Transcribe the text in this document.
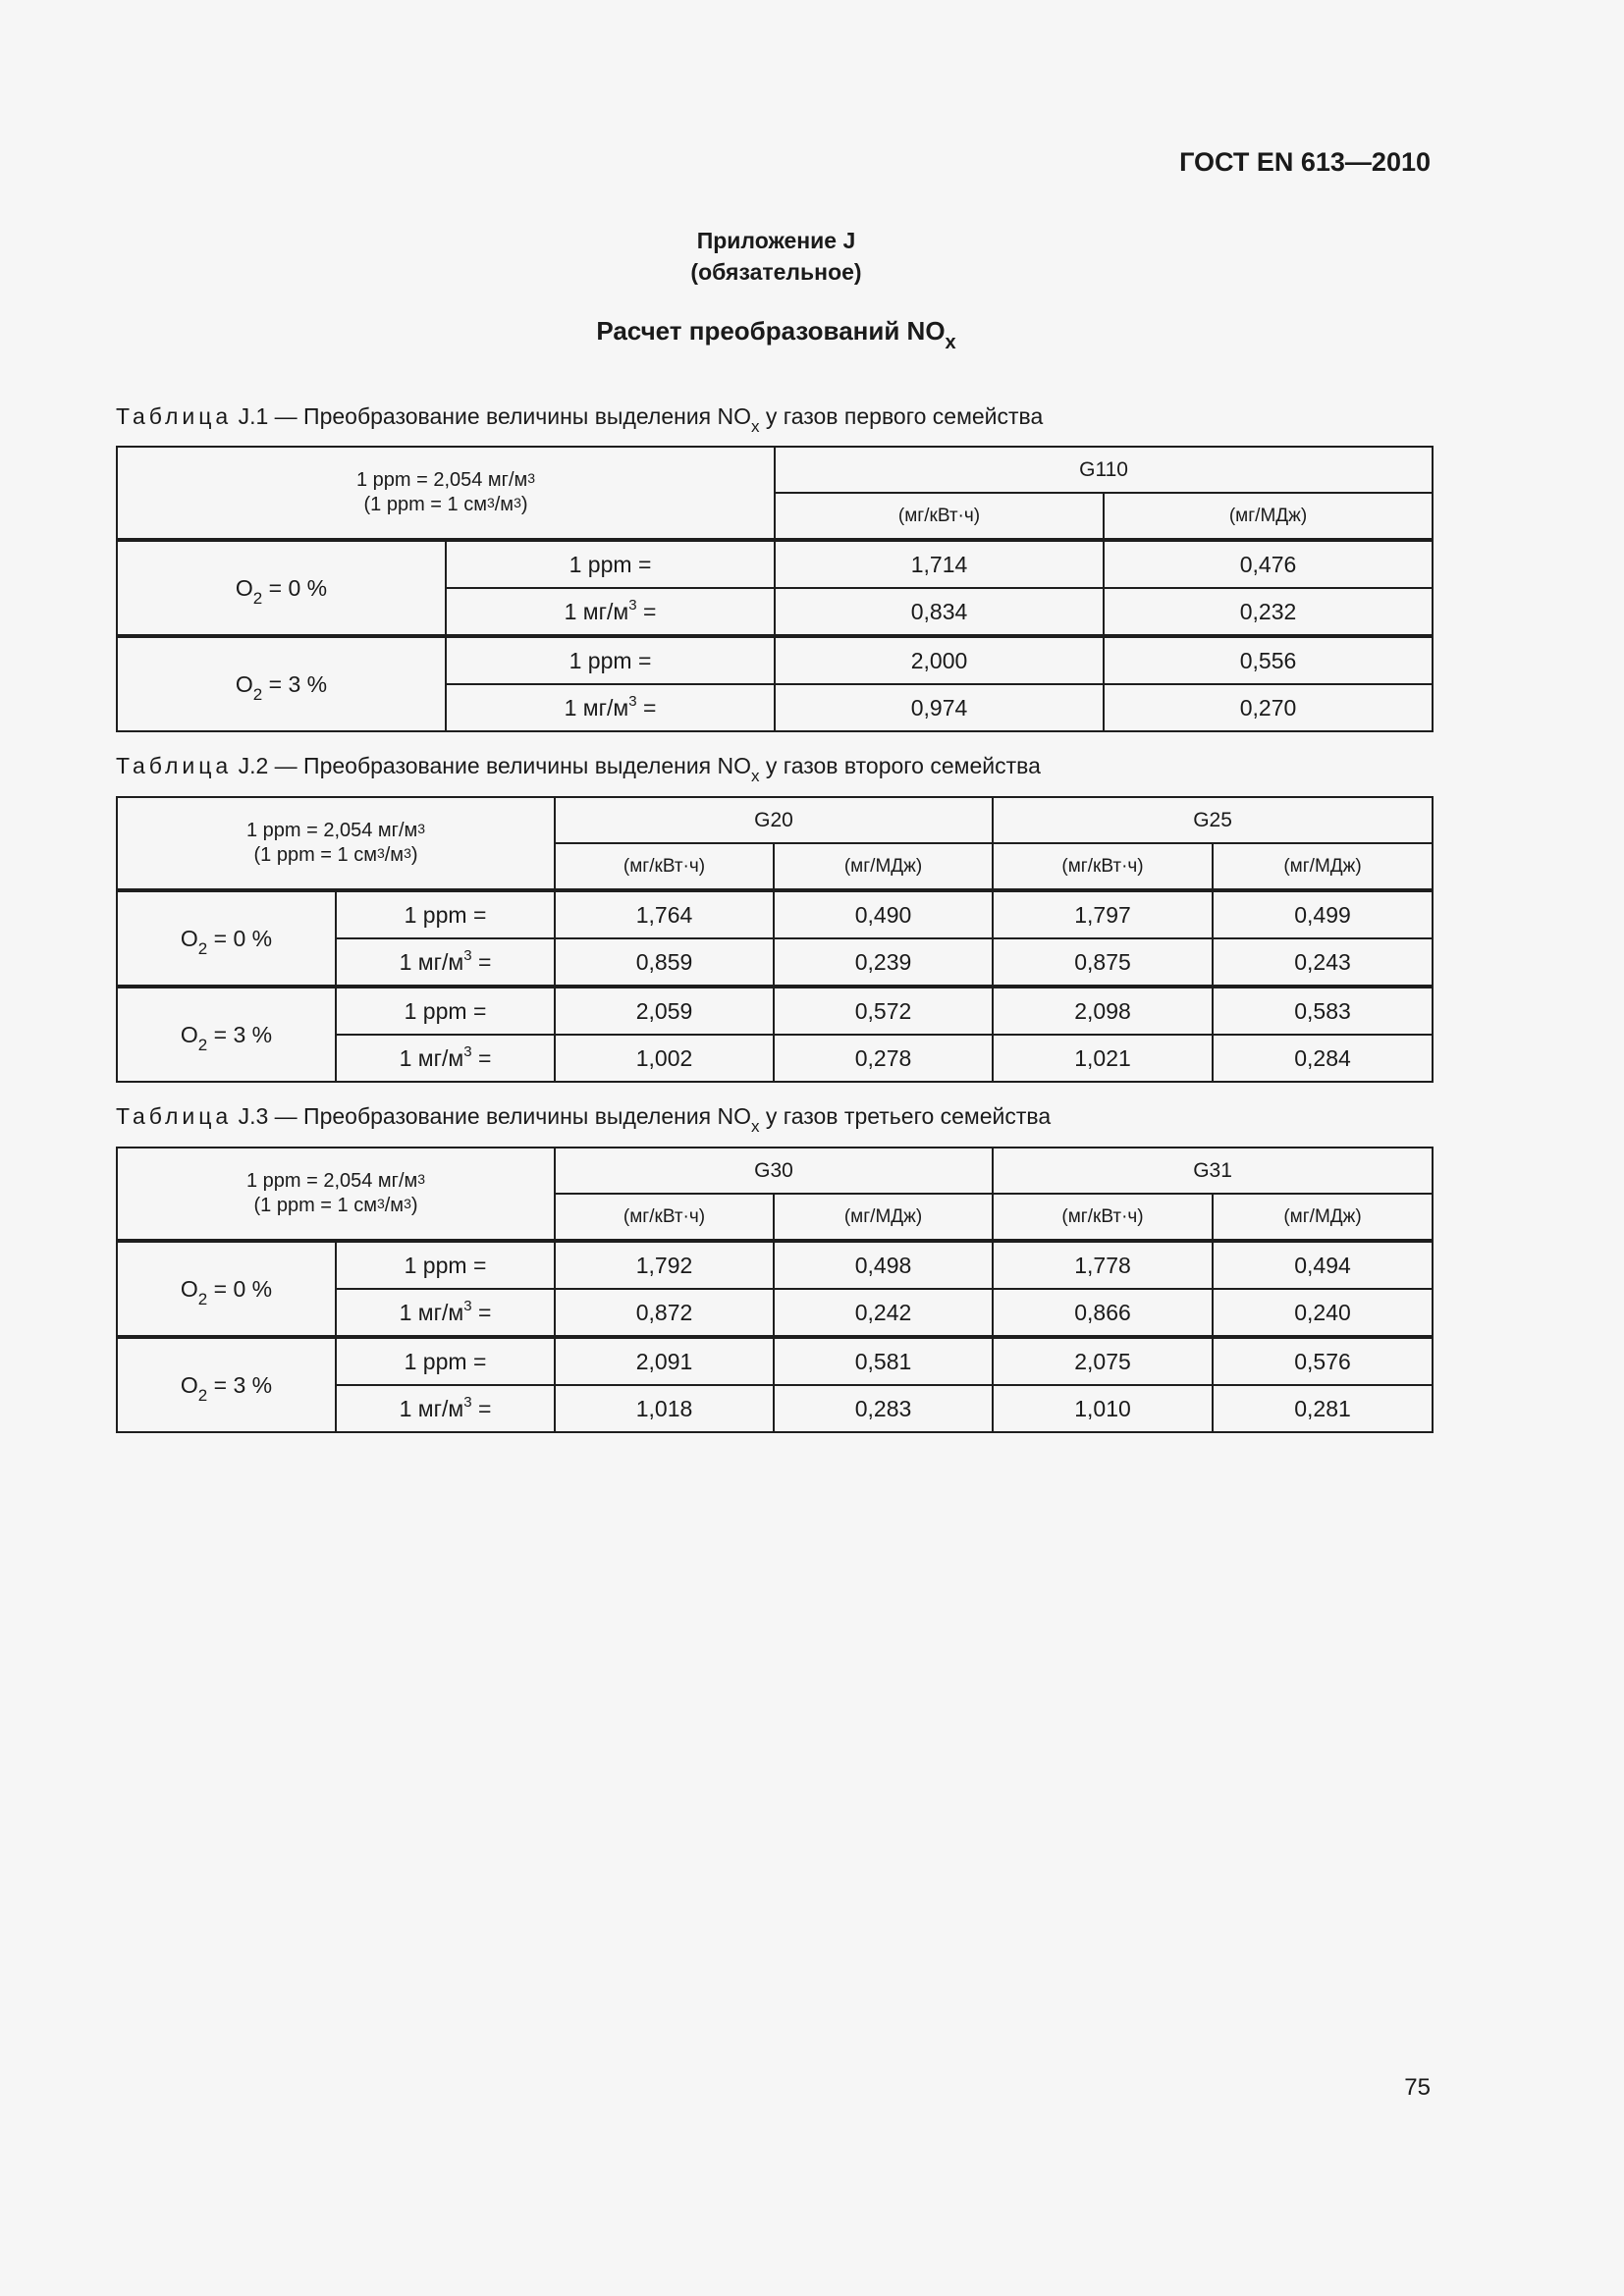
ГОСТ EN 613—2010
Приложение J
(обязательное)
Расчет преобразований $NO_x$
Таблица J.1 — Преобразование величины выделения $NO_x$ у газов первого семейства
1 ppm = 2,054 $мг/м^3$
(1 ppm = 1 $см^3/м^3$)		G110	
		(мг/кВт·ч)	(мг/МДж)
$O_2 = 0$ %	1 ppm =	1,714	0,476
	1 $мг/м^3$ =	0,834	0,232
$O_2 = 3$ %	1 ppm =	2,000	0,556
	1 $мг/м^3$ =	0,974	0,270
Таблица J.2 — Преобразование величины выделения $NO_x$ у газов второго семейства
1 ppm = 2,054 $мг/м^3$
(1 ppm = 1 $см^3/м^3$)		G20		G25	
		(мг/кВт·ч)	(мг/МДж)	(мг/кВт·ч)	(мг/МДж)
$O_2 = 0$ %	1 ppm =	1,764	0,490	1,797	0,499
	1 $мг/м^3$ =	0,859	0,239	0,875	0,243
$O_2 = 3$ %	1 ppm =	2,059	0,572	2,098	0,583
	1 $мг/м^3$ =	1,002	0,278	1,021	0,284
Таблица J.3 — Преобразование величины выделения $NO_x$ у газов третьего семейства
1 ppm = 2,054 $мг/м^3$
(1 ppm = 1 $см^3/м^3$)		G30		G31	
		(мг/кВт·ч)	(мг/МДж)	(мг/кВт·ч)	(мг/МДж)
$O_2 = 0$ %	1 ppm =	1,792	0,498	1,778	0,494
	1 $мг/м^3$ =	0,872	0,242	0,866	0,240
$O_2 = 3$ %	1 ppm =	2,091	0,581	2,075	0,576
	1 $мг/м^3$ =	1,018	0,283	1,010	0,281
75
